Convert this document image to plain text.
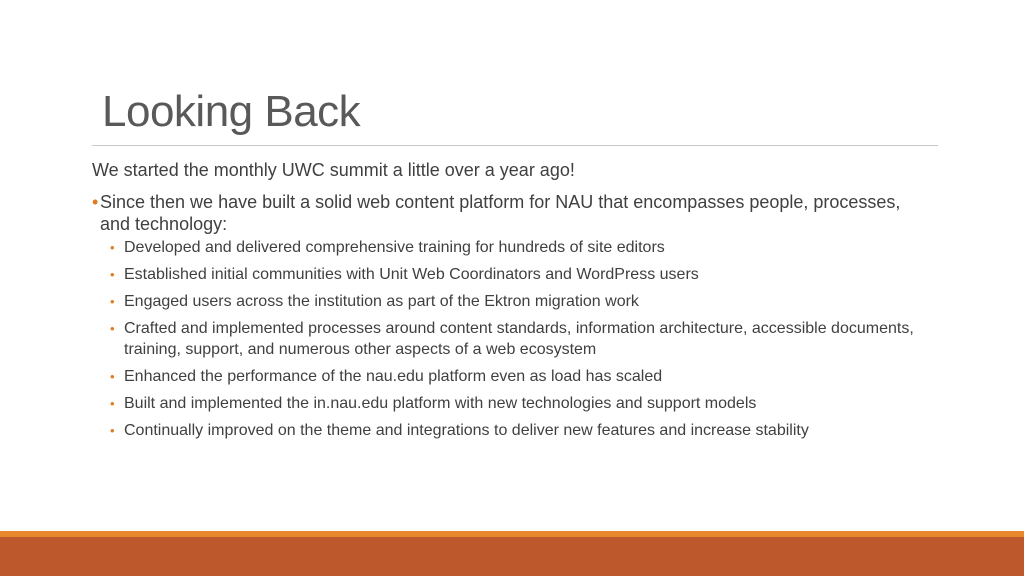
Looking Back

We started the monthly UWC summit a little over a year ago!

• Since then we have built a solid web content platform for NAU that encompasses people, processes, and technology:
• Developed and delivered comprehensive training for hundreds of site editors
• Established initial communities with Unit Web Coordinators and WordPress users
• Engaged users across the institution as part of the Ektron migration work
• Crafted and implemented processes around content standards, information architecture, accessible documents, training, support, and numerous other aspects of a web ecosystem
• Enhanced the performance of the nau.edu platform even as load has scaled
• Built and implemented the in.nau.edu platform with new technologies and support models
• Continually improved on the theme and integrations to deliver new features and increase stability
